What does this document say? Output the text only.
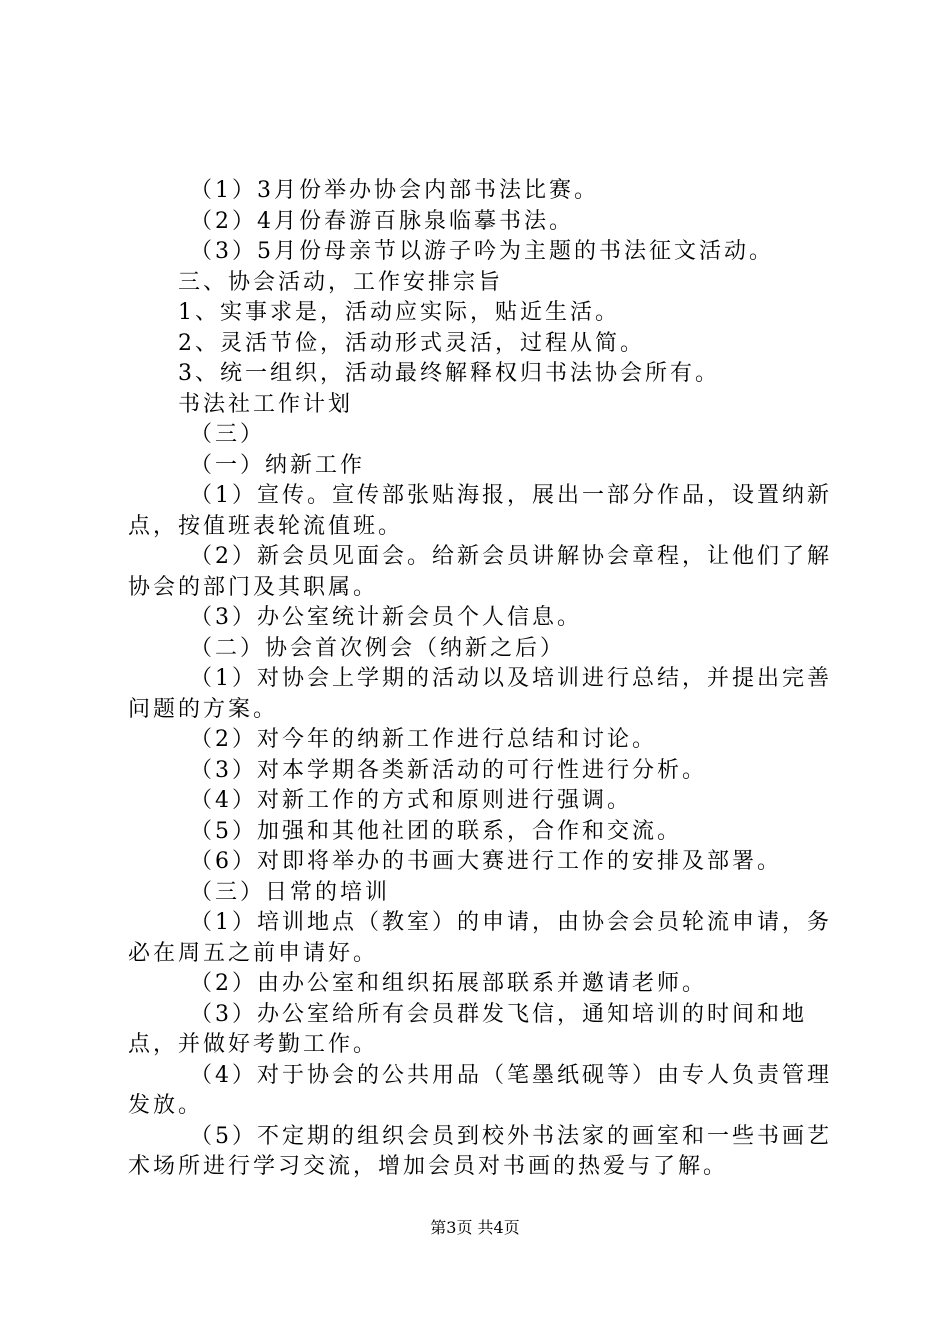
（1）3月份举办协会内部书法比赛。

（2）4月份春游百脉泉临摹书法。

（3）5月份母亲节以游子吟为主题的书法征文活动。

三、协会活动，工作安排宗旨

1、实事求是，活动应实际，贴近生活。

2、灵活节俭，活动形式灵活，过程从简。

3、统一组织，活动最终解释权归书法协会所有。

书法社工作计划

（三）

（一）纳新工作

（1）宣传。宣传部张贴海报，展出一部分作品，设置纳新点，按值班表轮流值班。

（2）新会员见面会。给新会员讲解协会章程，让他们了解协会的部门及其职属。

（3）办公室统计新会员个人信息。

（二）协会首次例会（纳新之后）

（1）对协会上学期的活动以及培训进行总结，并提出完善问题的方案。

（2）对今年的纳新工作进行总结和讨论。

（3）对本学期各类新活动的可行性进行分析。

（4）对新工作的方式和原则进行强调。

（5）加强和其他社团的联系，合作和交流。

（6）对即将举办的书画大赛进行工作的安排及部署。

（三）日常的培训

（1）培训地点（教室）的申请，由协会会员轮流申请，务必在周五之前申请好。

（2）由办公室和组织拓展部联系并邀请老师。

（3）办公室给所有会员群发飞信，通知培训的时间和地点，并做好考勤工作。

（4）对于协会的公共用品（笔墨纸砚等）由专人负责管理发放。

（5）不定期的组织会员到校外书法家的画室和一些书画艺术场所进行学习交流，增加会员对书画的热爱与了解。

第3页 共4页
